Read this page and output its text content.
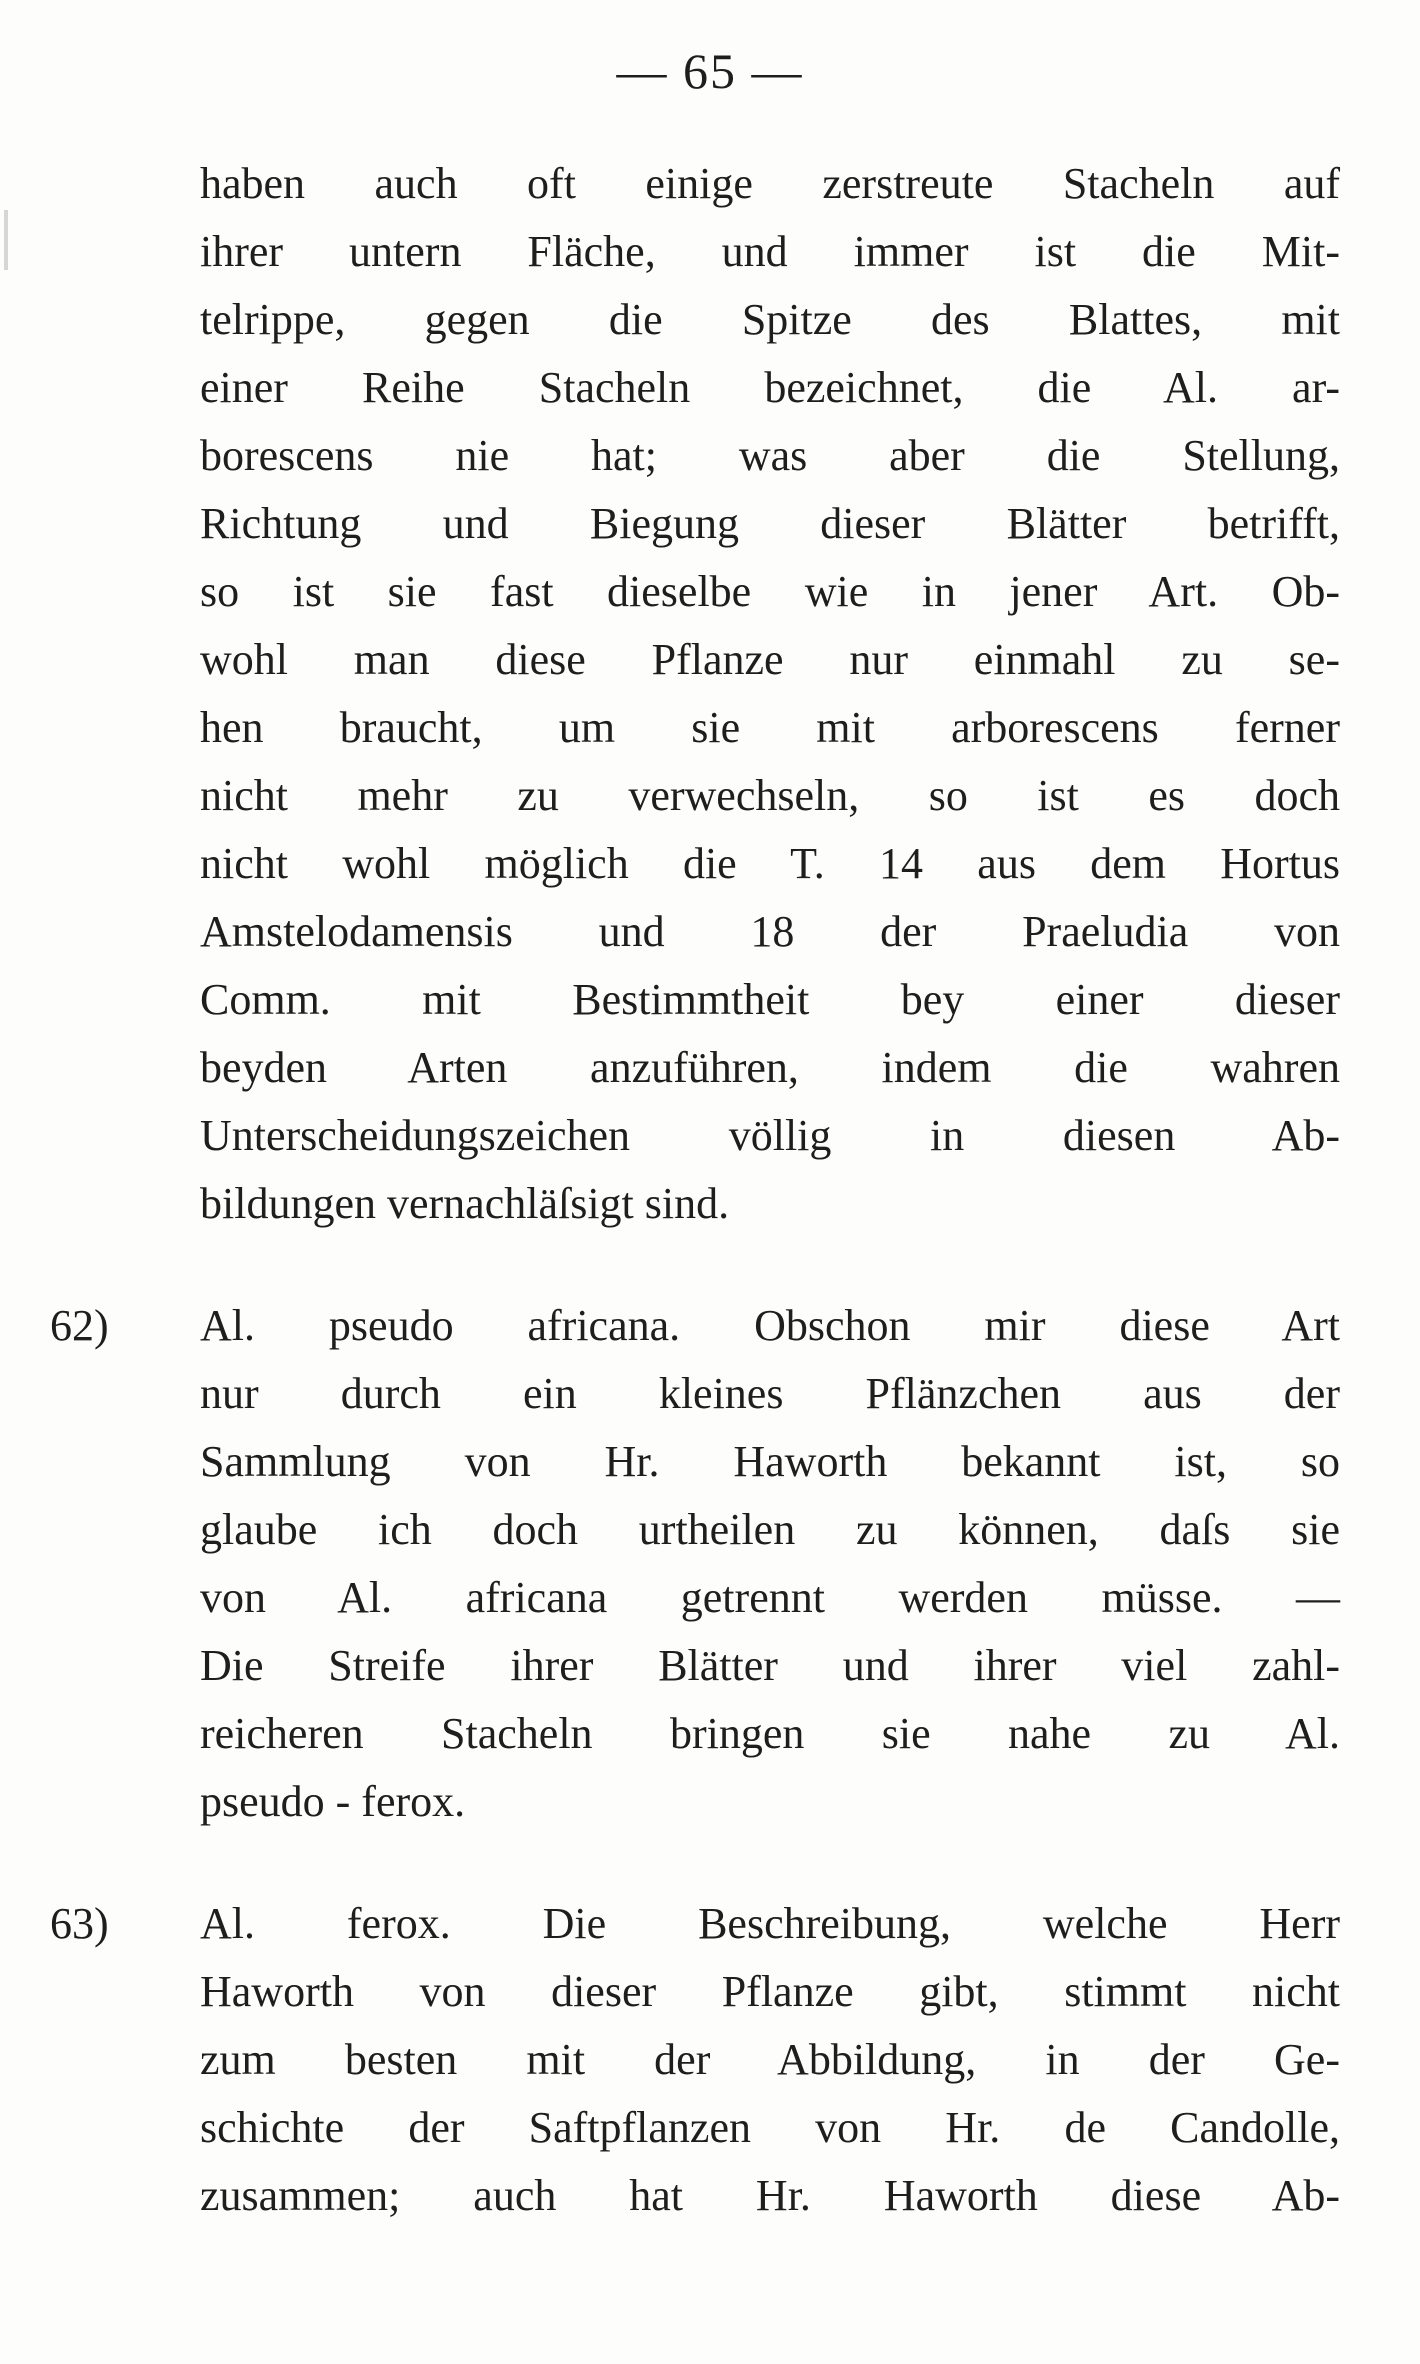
— 65 —
haben auch oft einige zerstreute Stacheln auf
ihrer untern Fläche, und immer ist die Mit-
telrippe, gegen die Spitze des Blattes, mit
einer Reihe Stacheln bezeichnet, die Al. ar-
borescens nie hat; was aber die Stellung,
Richtung und Biegung dieser Blätter betrifft,
so ist sie fast dieselbe wie in jener Art. Ob-
wohl man diese Pflanze nur einmahl zu se-
hen braucht, um sie mit arborescens ferner
nicht mehr zu verwechseln, so ist es doch
nicht wohl möglich die T. 14 aus dem Hortus
Amstelodamensis und 18 der Praeludia von
Comm. mit Bestimmtheit bey einer dieser
beyden Arten anzuführen, indem die wahren
Unterscheidungszeichen völlig in diesen Ab-
bildungen vernachläſsigt sind.
62) Al. pseudo africana. Obschon mir diese Art
nur durch ein kleines Pflänzchen aus der
Sammlung von Hr. Haworth bekannt ist, so
glaube ich doch urtheilen zu können, daſs sie
von Al. africana getrennt werden müsse. —
Die Streife ihrer Blätter und ihrer viel zahl-
reicheren Stacheln bringen sie nahe zu Al.
pseudo - ferox.
63) Al. ferox. Die Beschreibung, welche Herr
Haworth von dieser Pflanze gibt, stimmt nicht
zum besten mit der Abbildung, in der Ge-
schichte der Saftpflanzen von Hr. de Candolle,
zusammen; auch hat Hr. Haworth diese Ab-
